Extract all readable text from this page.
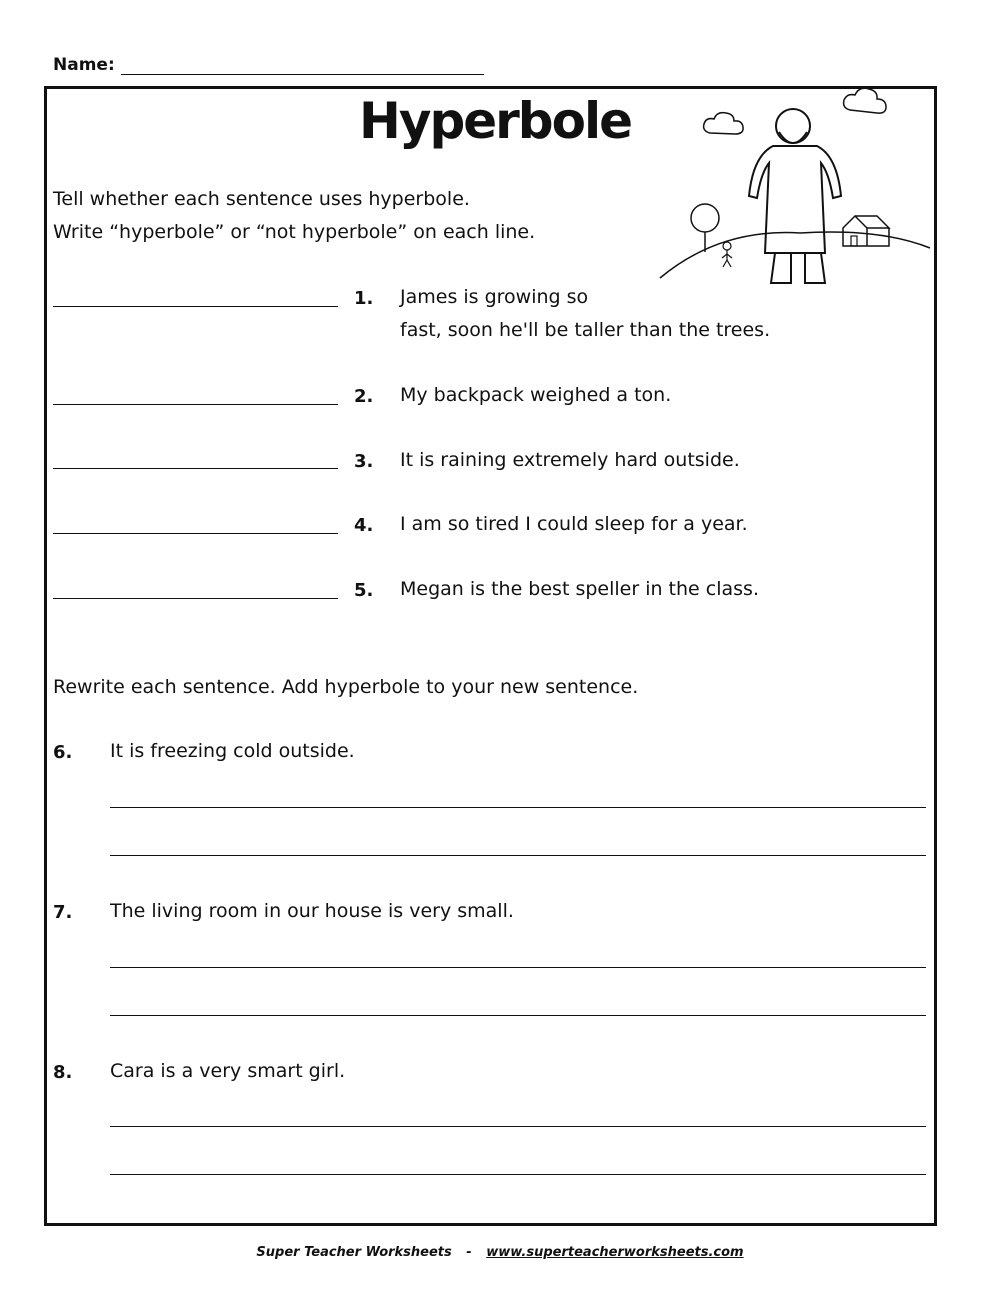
Name:
Hyperbole
Tell whether each sentence uses hyperbole.
Write “hyperbole” or “not hyperbole” on each line.
1. James is growing so
fast, soon he'll be taller than the trees.
2. My backpack weighed a ton.
3. It is raining extremely hard outside.
4. I am so tired I could sleep for a year.
5. Megan is the best speller in the class.
Rewrite each sentence. Add hyperbole to your new sentence.
6. It is freezing cold outside.
7. The living room in our house is very small.
8. Cara is a very smart girl.
Super Teacher Worksheets - www.superteacherworksheets.com
